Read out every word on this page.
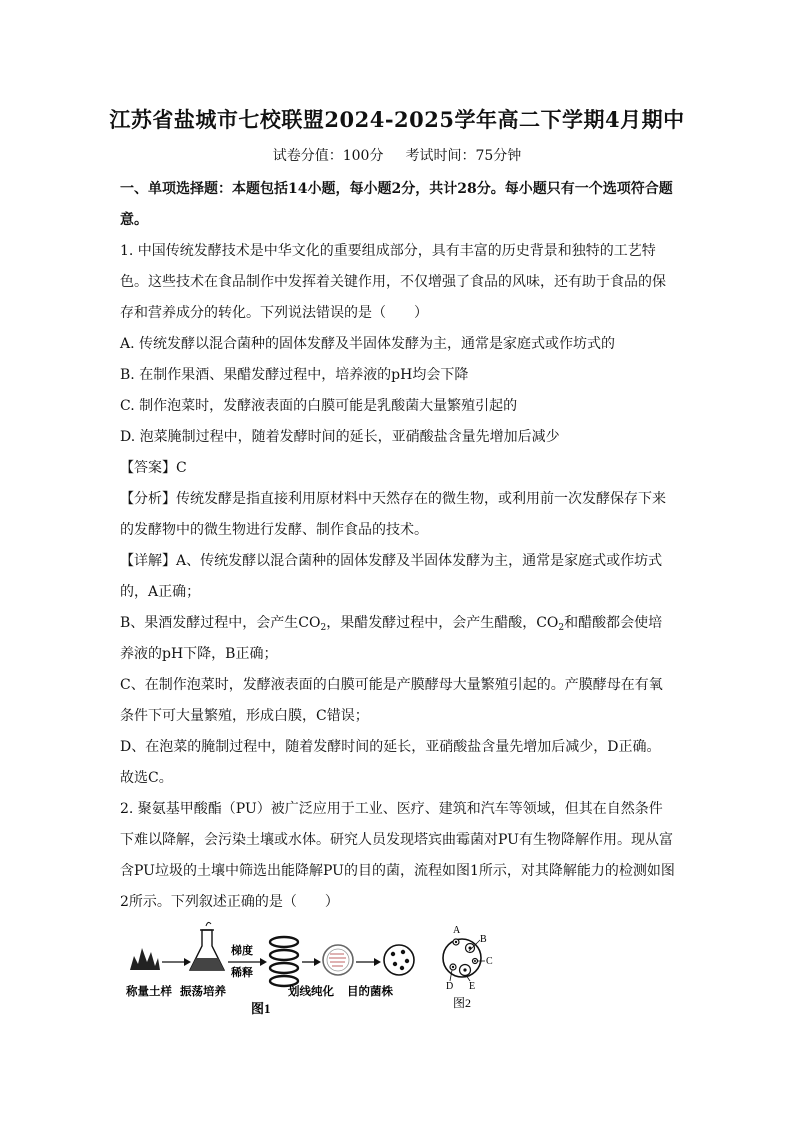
江苏省盐城市七校联盟2024-2025学年高二下学期4月期中
试卷分值：100分 考试时间：75分钟

一、单项选择题：本题包括14小题，每小题2分，共计28分。每小题只有一个选项符合题意。

1. 中国传统发酵技术是中华文化的重要组成部分，具有丰富的历史背景和独特的工艺特色。这些技术在食品制作中发挥着关键作用，不仅增强了食品的风味，还有助于食品的保存和营养成分的转化。下列说法错误的是（　　）

A. 传统发酵以混合菌种的固体发酵及半固体发酵为主，通常是家庭式或作坊式的

B. 在制作果酒、果醋发酵过程中，培养液的pH均会下降

C. 制作泡菜时，发酵液表面的白膜可能是乳酸菌大量繁殖引起的

D. 泡菜腌制过程中，随着发酵时间的延长，亚硝酸盐含量先增加后减少

【答案】C

【分析】传统发酵是指直接利用原材料中天然存在的微生物，或利用前一次发酵保存下来的发酵物中的微生物进行发酵、制作食品的技术。

【详解】A、传统发酵以混合菌种的固体发酵及半固体发酵为主，通常是家庭式或作坊式的，A正确；

B、果酒发酵过程中，会产生$CO_2$，果醋发酵过程中，会产生醋酸，$CO_2$和醋酸都会使培养液的pH下降，B正确；

C、在制作泡菜时，发酵液表面的白膜可能是产膜酵母大量繁殖引起的。产膜酵母在有氧条件下可大量繁殖，形成白膜，C错误；

D、在泡菜的腌制过程中，随着发酵时间的延长，亚硝酸盐含量先增加后减少，D正确。

故选C。

2. 聚氨基甲酸酯（PU）被广泛应用于工业、医疗、建筑和汽车等领域，但其在自然条件下难以降解，会污染土壤或水体。研究人员发现塔宾曲霉菌对PU有生物降解作用。现从富含PU垃圾的土壤中筛选出能降解PU的目的菌，流程如图1所示，对其降解能力的检测如图2所示。下列叙述正确的是（　　）

梯度
稀释
称量土样 振荡培养	划线纯化 目的菌株
图1
A
B
C
D E
图2
